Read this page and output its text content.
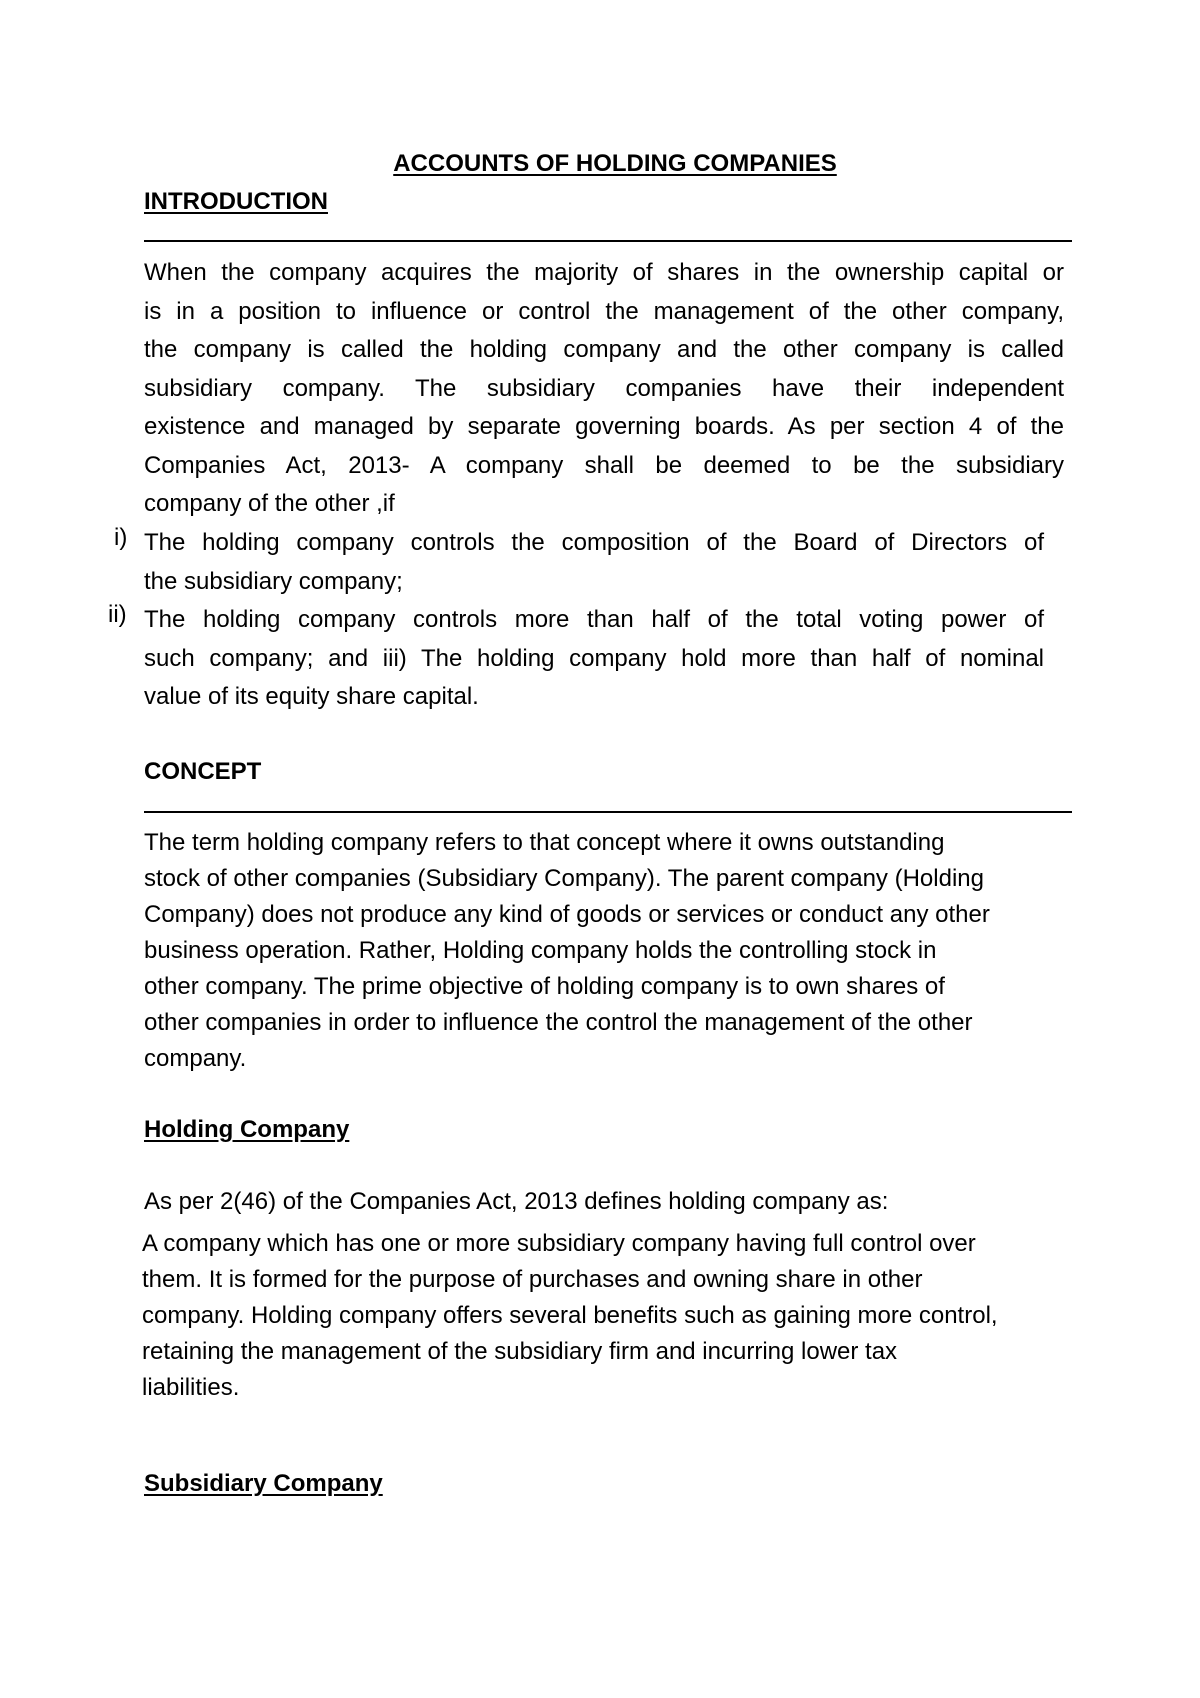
ACCOUNTS OF HOLDING COMPANIES
INTRODUCTION
When the company acquires the majority of shares in the ownership capital or
is in a position to influence or control the management of the other company,
the company is called the holding company and the other company is called
subsidiary company. The subsidiary companies have their independent
existence and managed by separate governing boards. As per section 4 of the
Companies Act, 2013- A company shall be deemed to be the subsidiary
company of the other ,if
i) The holding company controls the composition of the Board of Directors of
the subsidiary company;
ii) The holding company controls more than half of the total voting power of
such company; and iii) The holding company hold more than half of nominal
value of its equity share capital.
CONCEPT
The term holding company refers to that concept where it owns outstanding
stock of other companies (Subsidiary Company). The parent company (Holding
Company) does not produce any kind of goods or services or conduct any other
business operation. Rather, Holding company holds the controlling stock in
other company. The prime objective of holding company is to own shares of
other companies in order to influence the control the management of the other
company.
Holding Company
As per 2(46) of the Companies Act, 2013 defines holding company as:
A company which has one or more subsidiary company having full control over
them. It is formed for the purpose of purchases and owning share in other
company. Holding company offers several benefits such as gaining more control,
retaining the management of the subsidiary firm and incurring lower tax
liabilities.
Subsidiary Company
